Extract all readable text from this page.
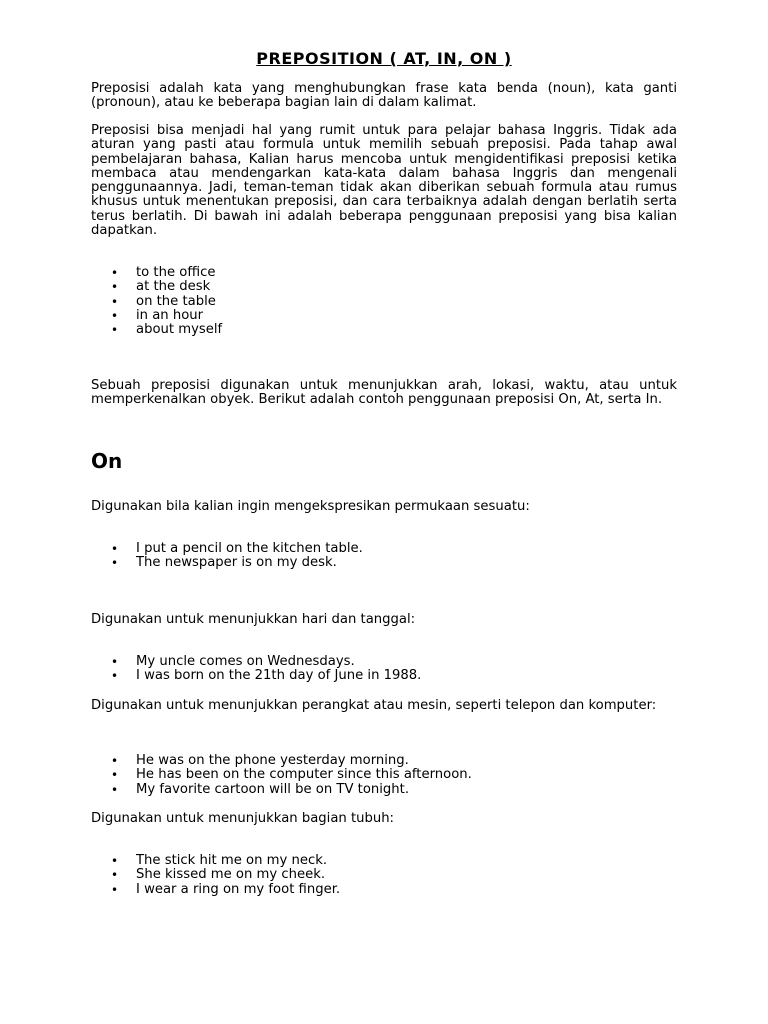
PREPOSITION ( AT, IN, ON )

Preposisi adalah kata yang menghubungkan frase kata benda (noun), kata ganti (pronoun), atau ke beberapa bagian lain di dalam kalimat.

Preposisi bisa menjadi hal yang rumit untuk para pelajar bahasa Inggris. Tidak ada aturan yang pasti atau formula untuk memilih sebuah preposisi. Pada tahap awal pembelajaran bahasa, Kalian harus mencoba untuk mengidentifikasi preposisi ketika membaca atau mendengarkan kata-kata dalam bahasa Inggris dan mengenali penggunaannya. Jadi, teman-teman tidak akan diberikan sebuah formula atau rumus khusus untuk menentukan preposisi, dan cara terbaiknya adalah dengan berlatih serta terus berlatih. Di bawah ini adalah beberapa penggunaan preposisi yang bisa kalian dapatkan.

• to the office
• at the desk
• on the table
• in an hour
• about myself

Sebuah preposisi digunakan untuk menunjukkan arah, lokasi, waktu, atau untuk memperkenalkan obyek. Berikut adalah contoh penggunaan preposisi On, At, serta In.

On

Digunakan bila kalian ingin mengekspresikan permukaan sesuatu:

• I put a pencil on the kitchen table.
• The newspaper is on my desk.

Digunakan untuk menunjukkan hari dan tanggal:

• My uncle comes on Wednesdays.
• I was born on the 21th day of June in 1988.

Digunakan untuk menunjukkan perangkat atau mesin, seperti telepon dan komputer:

• He was on the phone yesterday morning.
• He has been on the computer since this afternoon.
• My favorite cartoon will be on TV tonight.

Digunakan untuk menunjukkan bagian tubuh:

• The stick hit me on my neck.
• She kissed me on my cheek.
• I wear a ring on my foot finger.
